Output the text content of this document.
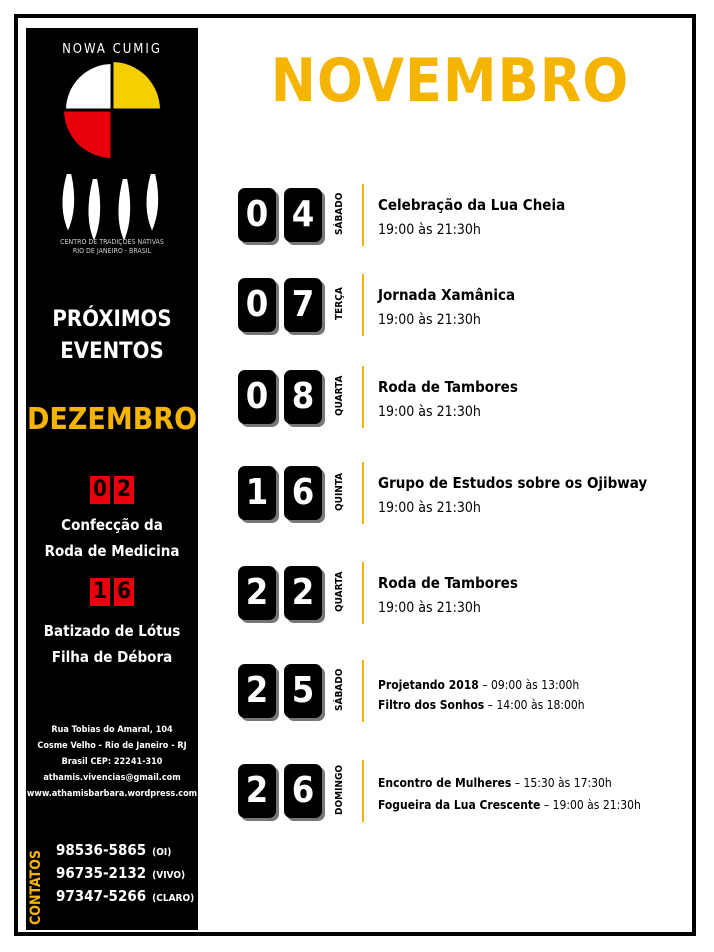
NOWA CUMIG
CENTRO DE TRADIÇÕES NATIVAS
RIO DE JANEIRO - BRASIL
PRÓXIMOS
EVENTOS
DEZEMBRO
0 2
Confecção da
Roda de Medicina
1 6
Batizado de Lótus
Filha de Débora
Rua Tobias do Amaral, 104
Cosme Velho - Rio de Janeiro - RJ
Brasil CEP: 22241-310
athamis.vivencias@gmail.com
www.athamisbarbara.wordpress.com
CONTATOS 98536-5865 (OI)
96735-2132 (VIVO)
97347-5266 (CLARO)
NOVEMBRO
0 4	SÁBADO	Celebração da Lua Cheia
19:00 às 21:30h
0 7	TERÇA	Jornada Xamânica
19:00 às 21:30h
0 8	QUARTA	Roda de Tambores
19:00 às 21:30h
1 6	QUINTA	Grupo de Estudos sobre os Ojibway
19:00 às 21:30h
2 2	QUARTA	Roda de Tambores
19:00 às 21:30h
2 5	SÁBADO	Projetando 2018 – 09:00 às 13:00h
Filtro dos Sonhos – 14:00 às 18:00h
2 6	DOMINGO	Encontro de Mulheres – 15:30 às 17:30h
Fogueira da Lua Crescente – 19:00 às 21:30h
